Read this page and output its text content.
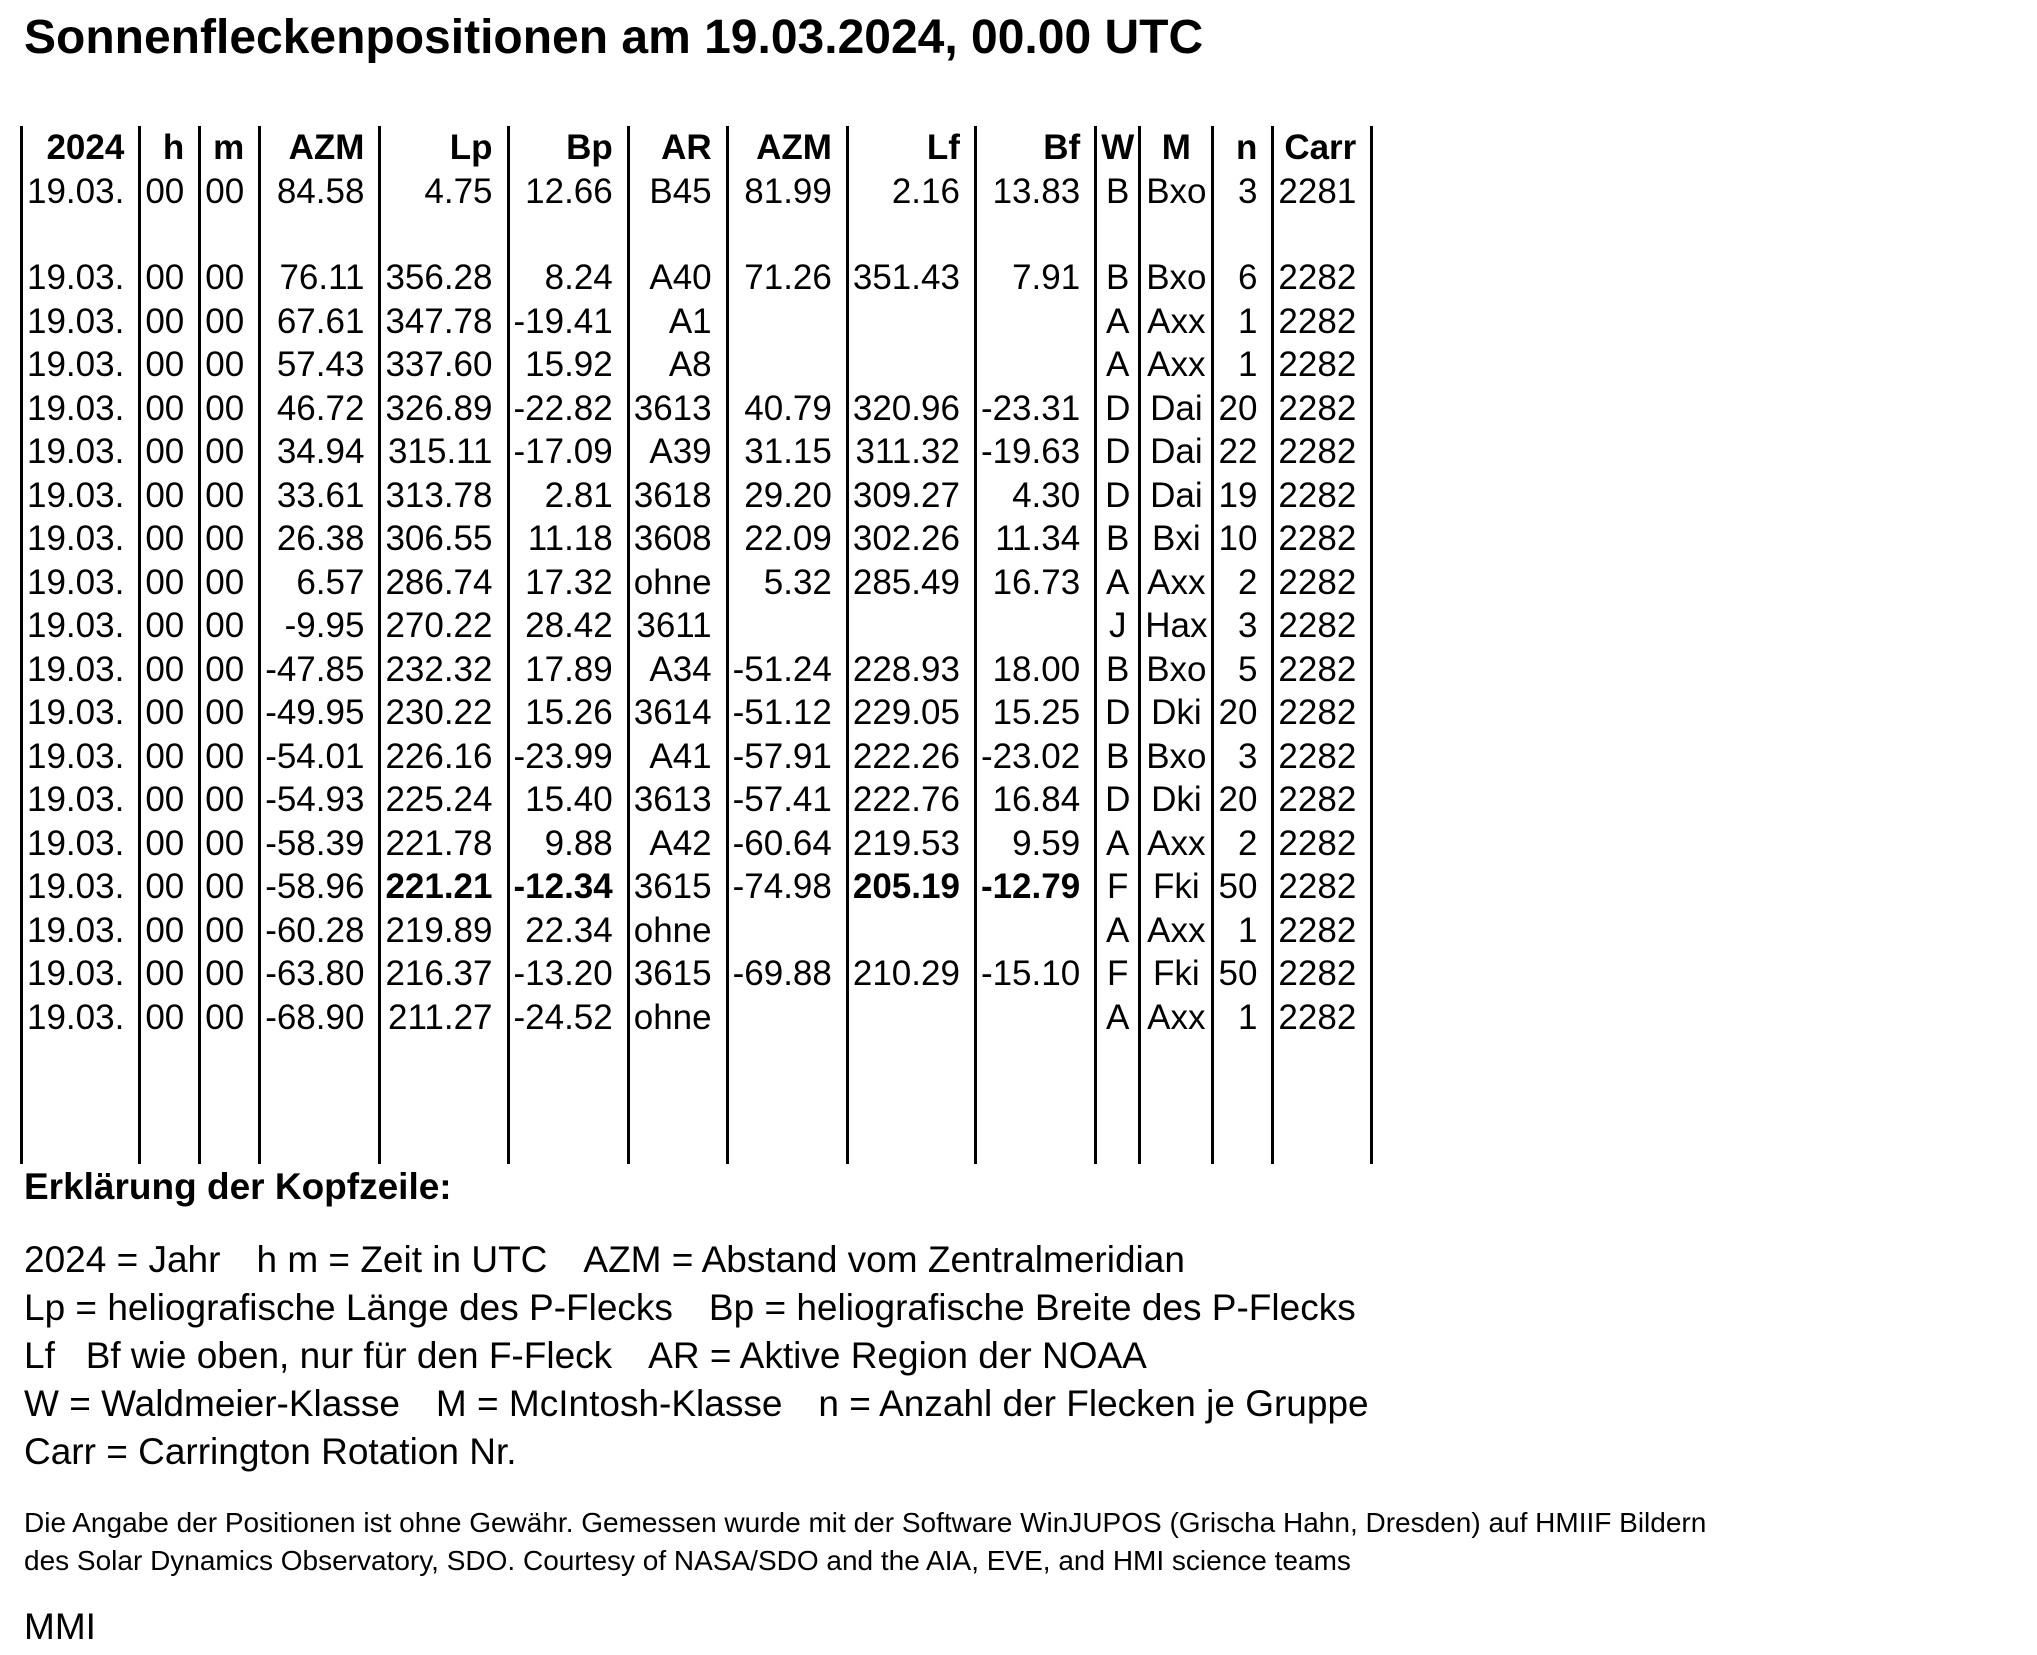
Sonnenfleckenpositionen am 19.03.2024, 00.00 UTC
2024	h	m	AZM	Lp	Bp	AR	AZM	Lf	Bf	W	M	n	Carr
19.03.	00	00	84.58	4.75	12.66	B45	81.99	2.16	13.83	B	Bxo	3	2281

19.03.	00	00	76.11	356.28	8.24	A40	71.26	351.43	7.91	B	Bxo	6	2282
19.03.	00	00	67.61	347.78	-19.41	A1				A	Axx	1	2282
19.03.	00	00	57.43	337.60	15.92	A8				A	Axx	1	2282
19.03.	00	00	46.72	326.89	-22.82	3613	40.79	320.96	-23.31	D	Dai	20	2282
19.03.	00	00	34.94	315.11	-17.09	A39	31.15	311.32	-19.63	D	Dai	22	2282
19.03.	00	00	33.61	313.78	2.81	3618	29.20	309.27	4.30	D	Dai	19	2282
19.03.	00	00	26.38	306.55	11.18	3608	22.09	302.26	11.34	B	Bxi	10	2282
19.03.	00	00	6.57	286.74	17.32	ohne	5.32	285.49	16.73	A	Axx	2	2282
19.03.	00	00	-9.95	270.22	28.42	3611				J	Hax	3	2282
19.03.	00	00	-47.85	232.32	17.89	A34	-51.24	228.93	18.00	B	Bxo	5	2282
19.03.	00	00	-49.95	230.22	15.26	3614	-51.12	229.05	15.25	D	Dki	20	2282
19.03.	00	00	-54.01	226.16	-23.99	A41	-57.91	222.26	-23.02	B	Bxo	3	2282
19.03.	00	00	-54.93	225.24	15.40	3613	-57.41	222.76	16.84	D	Dki	20	2282
19.03.	00	00	-58.39	221.78	9.88	A42	-60.64	219.53	9.59	A	Axx	2	2282
19.03.	00	00	-58.96	221.21	-12.34	3615	-74.98	205.19	-12.79	F	Fki	50	2282
19.03.	00	00	-60.28	219.89	22.34	ohne				A	Axx	1	2282
19.03.	00	00	-63.80	216.37	-13.20	3615	-69.88	210.29	-15.10	F	Fki	50	2282
19.03.	00	00	-68.90	211.27	-24.52	ohne				A	Axx	1	2282

Erklärung der Kopfzeile:
2024 = Jahr h m = Zeit in UTC AZM = Abstand vom Zentralmeridian
Lp = heliografische Länge des P-Flecks Bp = heliografische Breite des P-Flecks
Lf   Bf wie oben, nur für den F-Fleck AR = Aktive Region der NOAA
W = Waldmeier-Klasse M = McIntosh-Klasse n = Anzahl der Flecken je Gruppe
Carr = Carrington Rotation Nr.
Die Angabe der Positionen ist ohne Gewähr. Gemessen wurde mit der Software WinJUPOS (Grischa Hahn, Dresden) auf HMIIF Bildern
des Solar Dynamics Observatory, SDO. Courtesy of NASA/SDO and the AIA, EVE, and HMI science teams
MMI
